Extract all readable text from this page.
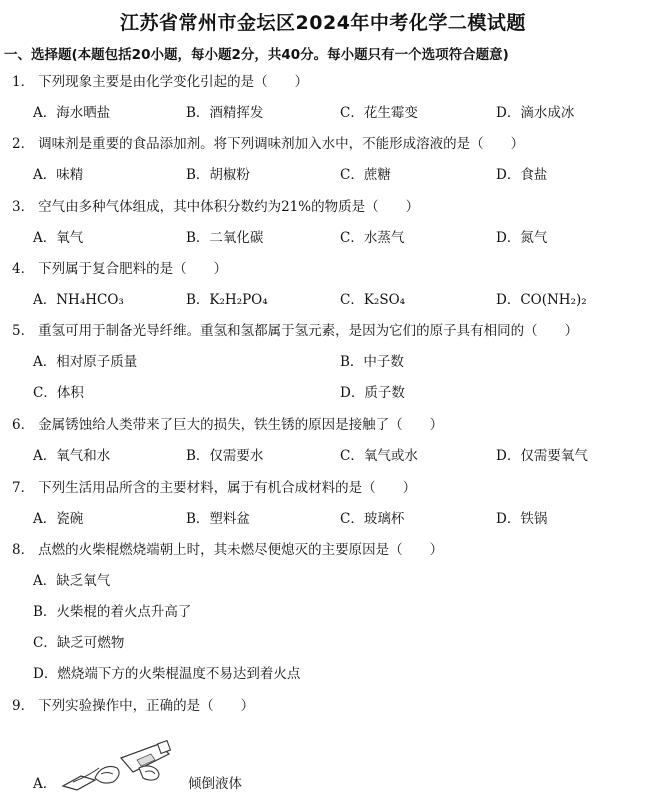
江苏省常州市金坛区2024年中考化学二模试题
一、选择题(本题包括20小题，每小题2分，共40分。每小题只有一个选项符合题意)
1． 下列现象主要是由化学变化引起的是（　　）
A．海水晒盐	B．酒精挥发	C．花生霉变	D．滴水成冰
2． 调味剂是重要的食品添加剂。将下列调味剂加入水中，不能形成溶液的是（　　）
A．味精	B．胡椒粉	C．蔗糖	D．食盐
3． 空气由多种气体组成，其中体积分数约为21%的物质是（　　）
A．氧气	B．二氧化碳	C．水蒸气	D．氮气
4． 下列属于复合肥料的是（　　）
A．NH₄HCO₃	B．K₂H₂PO₄	C．K₂SO₄	D．CO(NH₂)₂
5． 重氢可用于制备光导纤维。重氢和氢都属于氢元素，是因为它们的原子具有相同的（　　）
A．相对原子质量	B．中子数
C．体积	D．质子数
6． 金属锈蚀给人类带来了巨大的损失，铁生锈的原因是接触了（　　）
A．氧气和水	B．仅需要水	C．氧气或水	D．仅需要氧气
7． 下列生活用品所含的主要材料，属于有机合成材料的是（　　）
A．瓷碗	B．塑料盆	C．玻璃杯	D．铁锅
8． 点燃的火柴棍燃烧端朝上时，其未燃尽便熄灭的主要原因是（　　）
A．缺乏氧气
B．火柴棍的着火点升高了
C．缺乏可燃物
D．燃烧端下方的火柴棍温度不易达到着火点
9． 下列实验操作中，正确的是（　　）
A．	倾倒液体
